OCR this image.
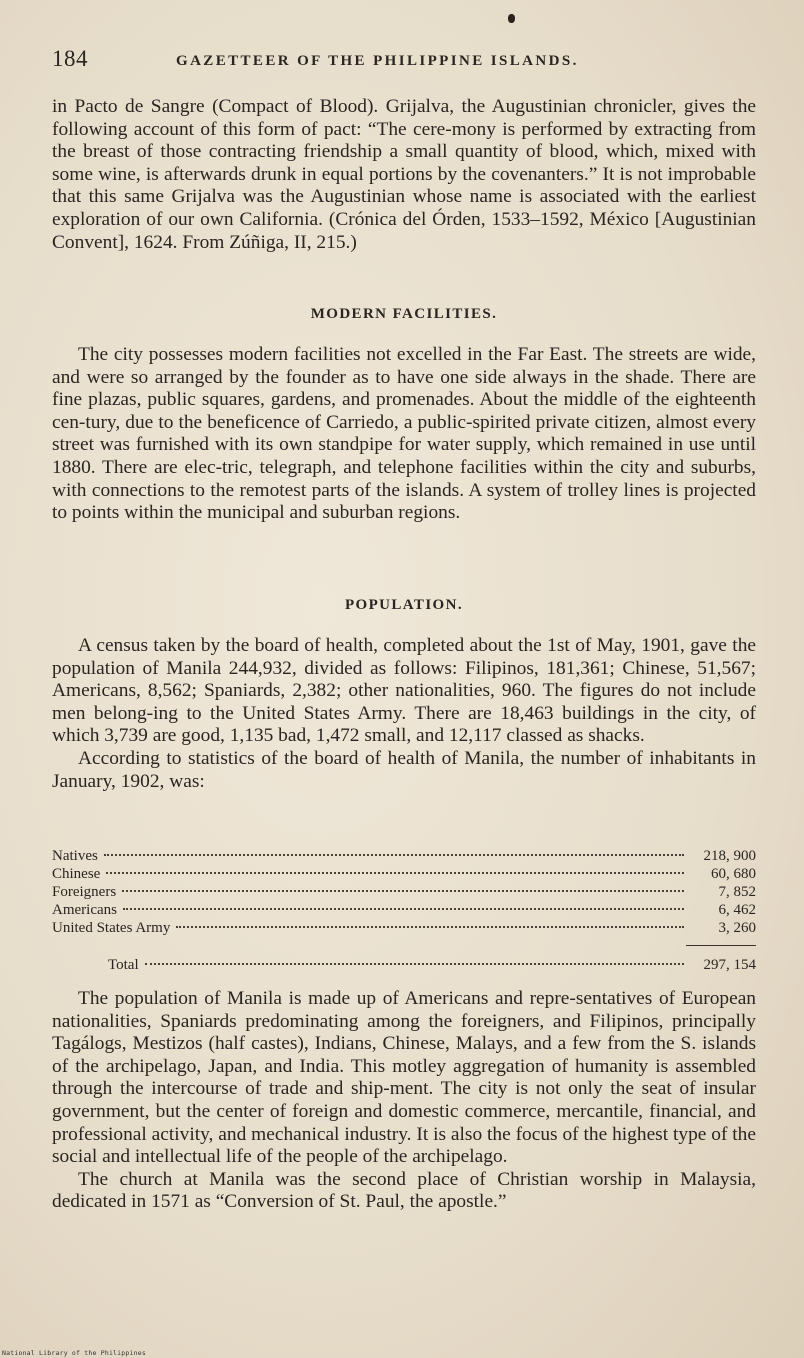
184	GAZETTEER OF THE PHILIPPINE ISLANDS.

in Pacto de Sangre (Compact of Blood). Grijalva, the Augustinian chronicler, gives the following account of this form of pact: “The cere-mony is performed by extracting from the breast of those contracting friendship a small quantity of blood, which, mixed with some wine, is afterwards drunk in equal portions by the covenanters.” It is not improbable that this same Grijalva was the Augustinian whose name is associated with the earliest exploration of our own California. (Crónica del Órden, 1533–1592, México [Augustinian Convent], 1624. From Zúñiga, II, 215.)

MODERN FACILITIES.

The city possesses modern facilities not excelled in the Far East. The streets are wide, and were so arranged by the founder as to have one side always in the shade. There are fine plazas, public squares, gardens, and promenades. About the middle of the eighteenth cen-tury, due to the beneficence of Carriedo, a public-spirited private citizen, almost every street was furnished with its own standpipe for water supply, which remained in use until 1880. There are elec-tric, telegraph, and telephone facilities within the city and suburbs, with connections to the remotest parts of the islands. A system of trolley lines is projected to points within the municipal and suburban regions.

POPULATION.

A census taken by the board of health, completed about the 1st of May, 1901, gave the population of Manila 244,932, divided as follows: Filipinos, 181,361; Chinese, 51,567; Americans, 8,562; Spaniards, 2,382; other nationalities, 960. The figures do not include men belong-ing to the United States Army. There are 18,463 buildings in the city, of which 3,739 are good, 1,135 bad, 1,472 small, and 12,117 classed as shacks.

According to statistics of the board of health of Manila, the number of inhabitants in January, 1902, was:

Natives	218, 900
Chinese	60, 680
Foreigners	7, 852
Americans	6, 462
United States Army	3, 260
Total	297, 154

The population of Manila is made up of Americans and repre-sentatives of European nationalities, Spaniards predominating among the foreigners, and Filipinos, principally Tagálogs, Mestizos (half castes), Indians, Chinese, Malays, and a few from the S. islands of the archipelago, Japan, and India. This motley aggregation of humanity is assembled through the intercourse of trade and ship-ment. The city is not only the seat of insular government, but the center of foreign and domestic commerce, mercantile, financial, and professional activity, and mechanical industry. It is also the focus of the highest type of the social and intellectual life of the people of the archipelago.

The church at Manila was the second place of Christian worship in Malaysia, dedicated in 1571 as “Conversion of St. Paul, the apostle.”

National Library of the Philippines
